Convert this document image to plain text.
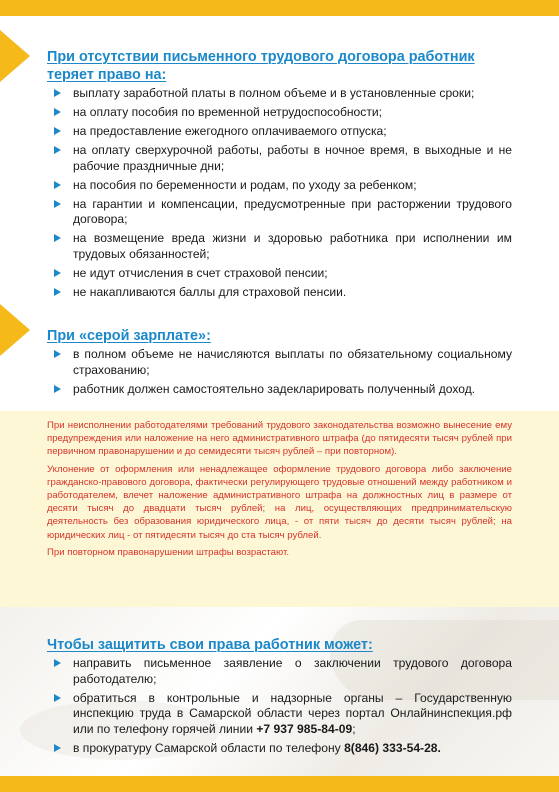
При отсутствии письменного трудового договора работник теряет право на:
выплату заработной платы в полном объеме и в установленные сроки;
на оплату пособия по временной нетрудоспособности;
на предоставление ежегодного оплачиваемого отпуска;
на оплату сверхурочной работы, работы в ночное время, в выходные и не рабочие праздничные дни;
на пособия по беременности и родам, по уходу за ребенком;
на гарантии и компенсации, предусмотренные при расторжении трудового договора;
на возмещение вреда жизни и здоровью работника при исполнении им трудовых обязанностей;
не идут отчисления в счет страховой пенсии;
не накапливаются баллы для страховой пенсии.
При «серой зарплате»:
в полном объеме не начисляются выплаты по обязательному социальному страхованию;
работник должен самостоятельно задекларировать полученный доход.

При неисполнении работодателями требований трудового законодательства возможно вынесение ему предупреждения или наложение на него административного штрафа (до пятидесяти тысяч рублей при первичном правонарушении и до семидесяти тысяч рублей – при повторном).

Уклонение от оформления или ненадлежащее оформление трудового договора либо заключение гражданско-правового договора, фактически регулирующего трудовые отношений между работником и работодателем, влечет наложение административного штрафа на должностных лиц в размере от десяти тысяч до двадцати тысяч рублей; на лиц, осуществляющих предпринимательскую деятельность без образования юридического лица, - от пяти тысяч до десяти тысяч рублей; на юридических лиц - от пятидесяти тысяч до ста тысяч рублей.

При повторном правонарушении штрафы возрастают.

Чтобы защитить свои права работник может:
направить письменное заявление о заключении трудового договора работодателю;
обратиться в контрольные и надзорные органы – Государственную инспекцию труда в Самарской области через портал Онлайнинспекция.рф или по телефону горячей линии +7 937 985-84-09;
в прокуратуру Самарской области по телефону 8(846) 333-54-28.
